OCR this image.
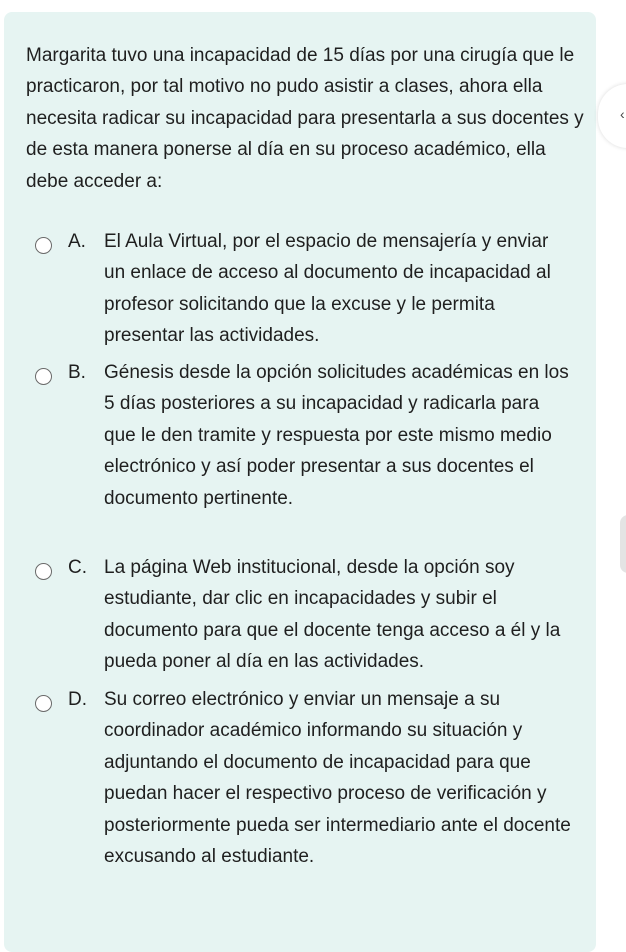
Margarita tuvo una incapacidad de 15 días por una cirugía que le practicaron, por tal motivo no pudo asistir a clases, ahora ella necesita radicar su incapacidad para presentarla a sus docentes y de esta manera ponerse al día en su proceso académico, ella debe acceder a:

A. El Aula Virtual, por el espacio de mensajería y enviar un enlace de acceso al documento de incapacidad al profesor solicitando que la excuse y le permita presentar las actividades.
B. Génesis desde la opción solicitudes académicas en los 5 días posteriores a su incapacidad y radicarla para que le den tramite y respuesta por este mismo medio electrónico y así poder presentar a sus docentes el documento pertinente.
C. La página Web institucional, desde la opción soy estudiante, dar clic en incapacidades y subir el documento para que el docente tenga acceso a él y la pueda poner al día en las actividades.
D. Su correo electrónico y enviar un mensaje a su coordinador académico informando su situación y adjuntando el documento de incapacidad para que puedan hacer el respectivo proceso de verificación y posteriormente pueda ser intermediario ante el docente excusando al estudiante.
‹
